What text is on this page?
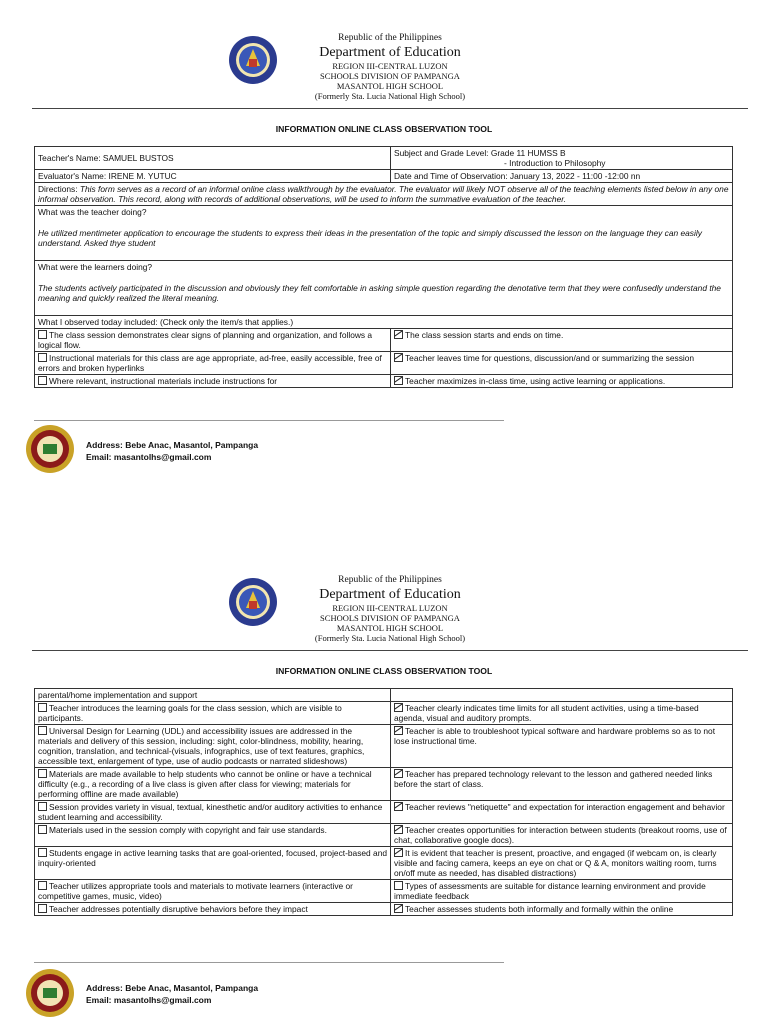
Republic of the Philippines
Department of Education
REGION III-CENTRAL LUZON
SCHOOLS DIVISION OF PAMPANGA
MASANTOL HIGH SCHOOL
(Formerly Sta. Lucia National High School)
INFORMATION ONLINE CLASS OBSERVATION TOOL
Teacher's Name: SAMUEL BUSTOS	Subject and Grade Level: Grade 11 HUMSS B
- Introduction to Philosophy

Evaluator's Name: IRENE M. YUTUC	Date and Time of Observation: January 13, 2022 - 11:00 -12:00 nn
Directions: This form serves as a record of an informal online class walkthrough by the evaluator. The evaluator will likely NOT observe all of the teaching elements listed below in any one informal observation. This record, along with records of additional observations, will be used to inform the summative evaluation of the teacher.	

What was the teacher doing?
He utilized mentimeter application to encourage the students to express their ideas in the presentation of the topic and simply discussed the lesson on the language they can easily understand. Asked thye student	

What were the learners doing?
The students actively participated in the discussion and obviously they felt comfortable in asking simple question regarding the denotative term that they were confusedly understand the meaning and quickly realized the literal meaning.	

What I observed today included: (Check only the item/s that applies.)	
The class session demonstrates clear signs of planning and organization, and follows a logical flow.	The class session starts and ends on time.
Instructional materials for this class are age appropriate, ad-free, easily accessible, free of errors and broken hyperlinks	Teacher leaves time for questions, discussion/and or summarizing the session
Where relevant, instructional materials include instructions for	Teacher maximizes in-class time, using active learning or applications.
Address: Bebe Anac, Masantol, Pampanga
Email: masantolhs@gmail.com
Republic of the Philippines
Department of Education
REGION III-CENTRAL LUZON
SCHOOLS DIVISION OF PAMPANGA
MASANTOL HIGH SCHOOL
(Formerly Sta. Lucia National High School)
INFORMATION ONLINE CLASS OBSERVATION TOOL
parental/home implementation and support	
Teacher introduces the learning goals for the class session, which are visible to participants.	Teacher clearly indicates time limits for all student activities, using a time-based agenda, visual and auditory prompts.
Universal Design for Learning (UDL) and accessibility issues are addressed in the materials and delivery of this session, including: sight, color-blindness, mobility, hearing, cognition, translation, and technical-(visuals, infographics, use of text features, graphics, accessible text, enlargement of type, use of audio podcasts or narrated slideshows)	Teacher is able to troubleshoot typical software and hardware problems so as to not lose instructional time.
Materials are made available to help students who cannot be online or have a technical difficulty (e.g., a recording of a live class is given after class for viewing; materials for performing offline are made available)	Teacher has prepared technology relevant to the lesson and gathered needed links before the start of class.
Session provides variety in visual, textual, kinesthetic and/or auditory activities to enhance student learning and accessibility.	Teacher reviews "netiquette" and expectation for interaction engagement and behavior
Materials used in the session comply with copyright and fair use standards.	Teacher creates opportunities for interaction between students (breakout rooms, use of chat, collaborative google docs).
Students engage in active learning tasks that are goal-oriented, focused, project-based and inquiry-oriented	It is evident that teacher is present, proactive, and engaged (if webcam on, is clearly visible and facing camera, keeps an eye on chat or Q & A, monitors waiting room, turns on/off mute as needed, has disabled distractions)
Teacher utilizes appropriate tools and materials to motivate learners (interactive or competitive games, music, video)	Types of assessments are suitable for distance learning environment and provide immediate feedback
Teacher addresses potentially disruptive behaviors before they impact	Teacher assesses students both informally and formally within the online
Address: Bebe Anac, Masantol, Pampanga
Email: masantolhs@gmail.com
